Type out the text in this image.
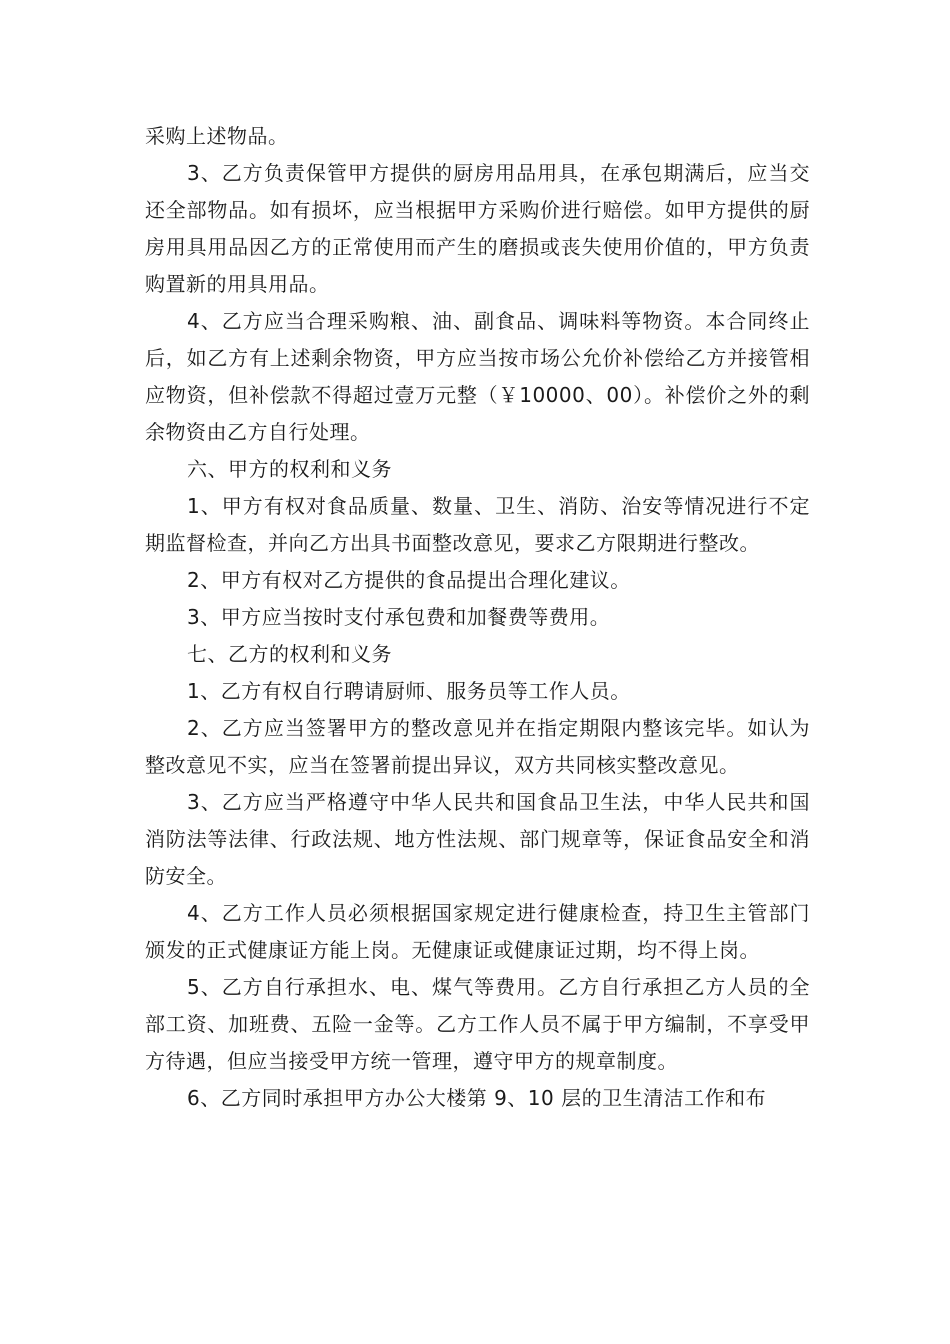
采购上述物品。

3、乙方负责保管甲方提供的厨房用品用具，在承包期满后，应当交还全部物品。如有损坏，应当根据甲方采购价进行赔偿。如甲方提供的厨房用具用品因乙方的正常使用而产生的磨损或丧失使用价值的，甲方负责购置新的用具用品。

4、乙方应当合理采购粮、油、副食品、调味料等物资。本合同终止后，如乙方有上述剩余物资，甲方应当按市场公允价补偿给乙方并接管相应物资，但补偿款不得超过壹万元整（￥10000、00）。补偿价之外的剩余物资由乙方自行处理。

六、甲方的权利和义务

1、甲方有权对食品质量、数量、卫生、消防、治安等情况进行不定期监督检查，并向乙方出具书面整改意见，要求乙方限期进行整改。

2、甲方有权对乙方提供的食品提出合理化建议。

3、甲方应当按时支付承包费和加餐费等费用。

七、乙方的权利和义务

1、乙方有权自行聘请厨师、服务员等工作人员。

2、乙方应当签署甲方的整改意见并在指定期限内整该完毕。如认为整改意见不实，应当在签署前提出异议，双方共同核实整改意见。

3、乙方应当严格遵守中华人民共和国食品卫生法，中华人民共和国消防法等法律、行政法规、地方性法规、部门规章等，保证食品安全和消防安全。

4、乙方工作人员必须根据国家规定进行健康检查，持卫生主管部门颁发的正式健康证方能上岗。无健康证或健康证过期，均不得上岗。

5、乙方自行承担水、电、煤气等费用。乙方自行承担乙方人员的全部工资、加班费、五险一金等。乙方工作人员不属于甲方编制，不享受甲方待遇，但应当接受甲方统一管理，遵守甲方的规章制度。

6、乙方同时承担甲方办公大楼第 9、10 层的卫生清洁工作和布
